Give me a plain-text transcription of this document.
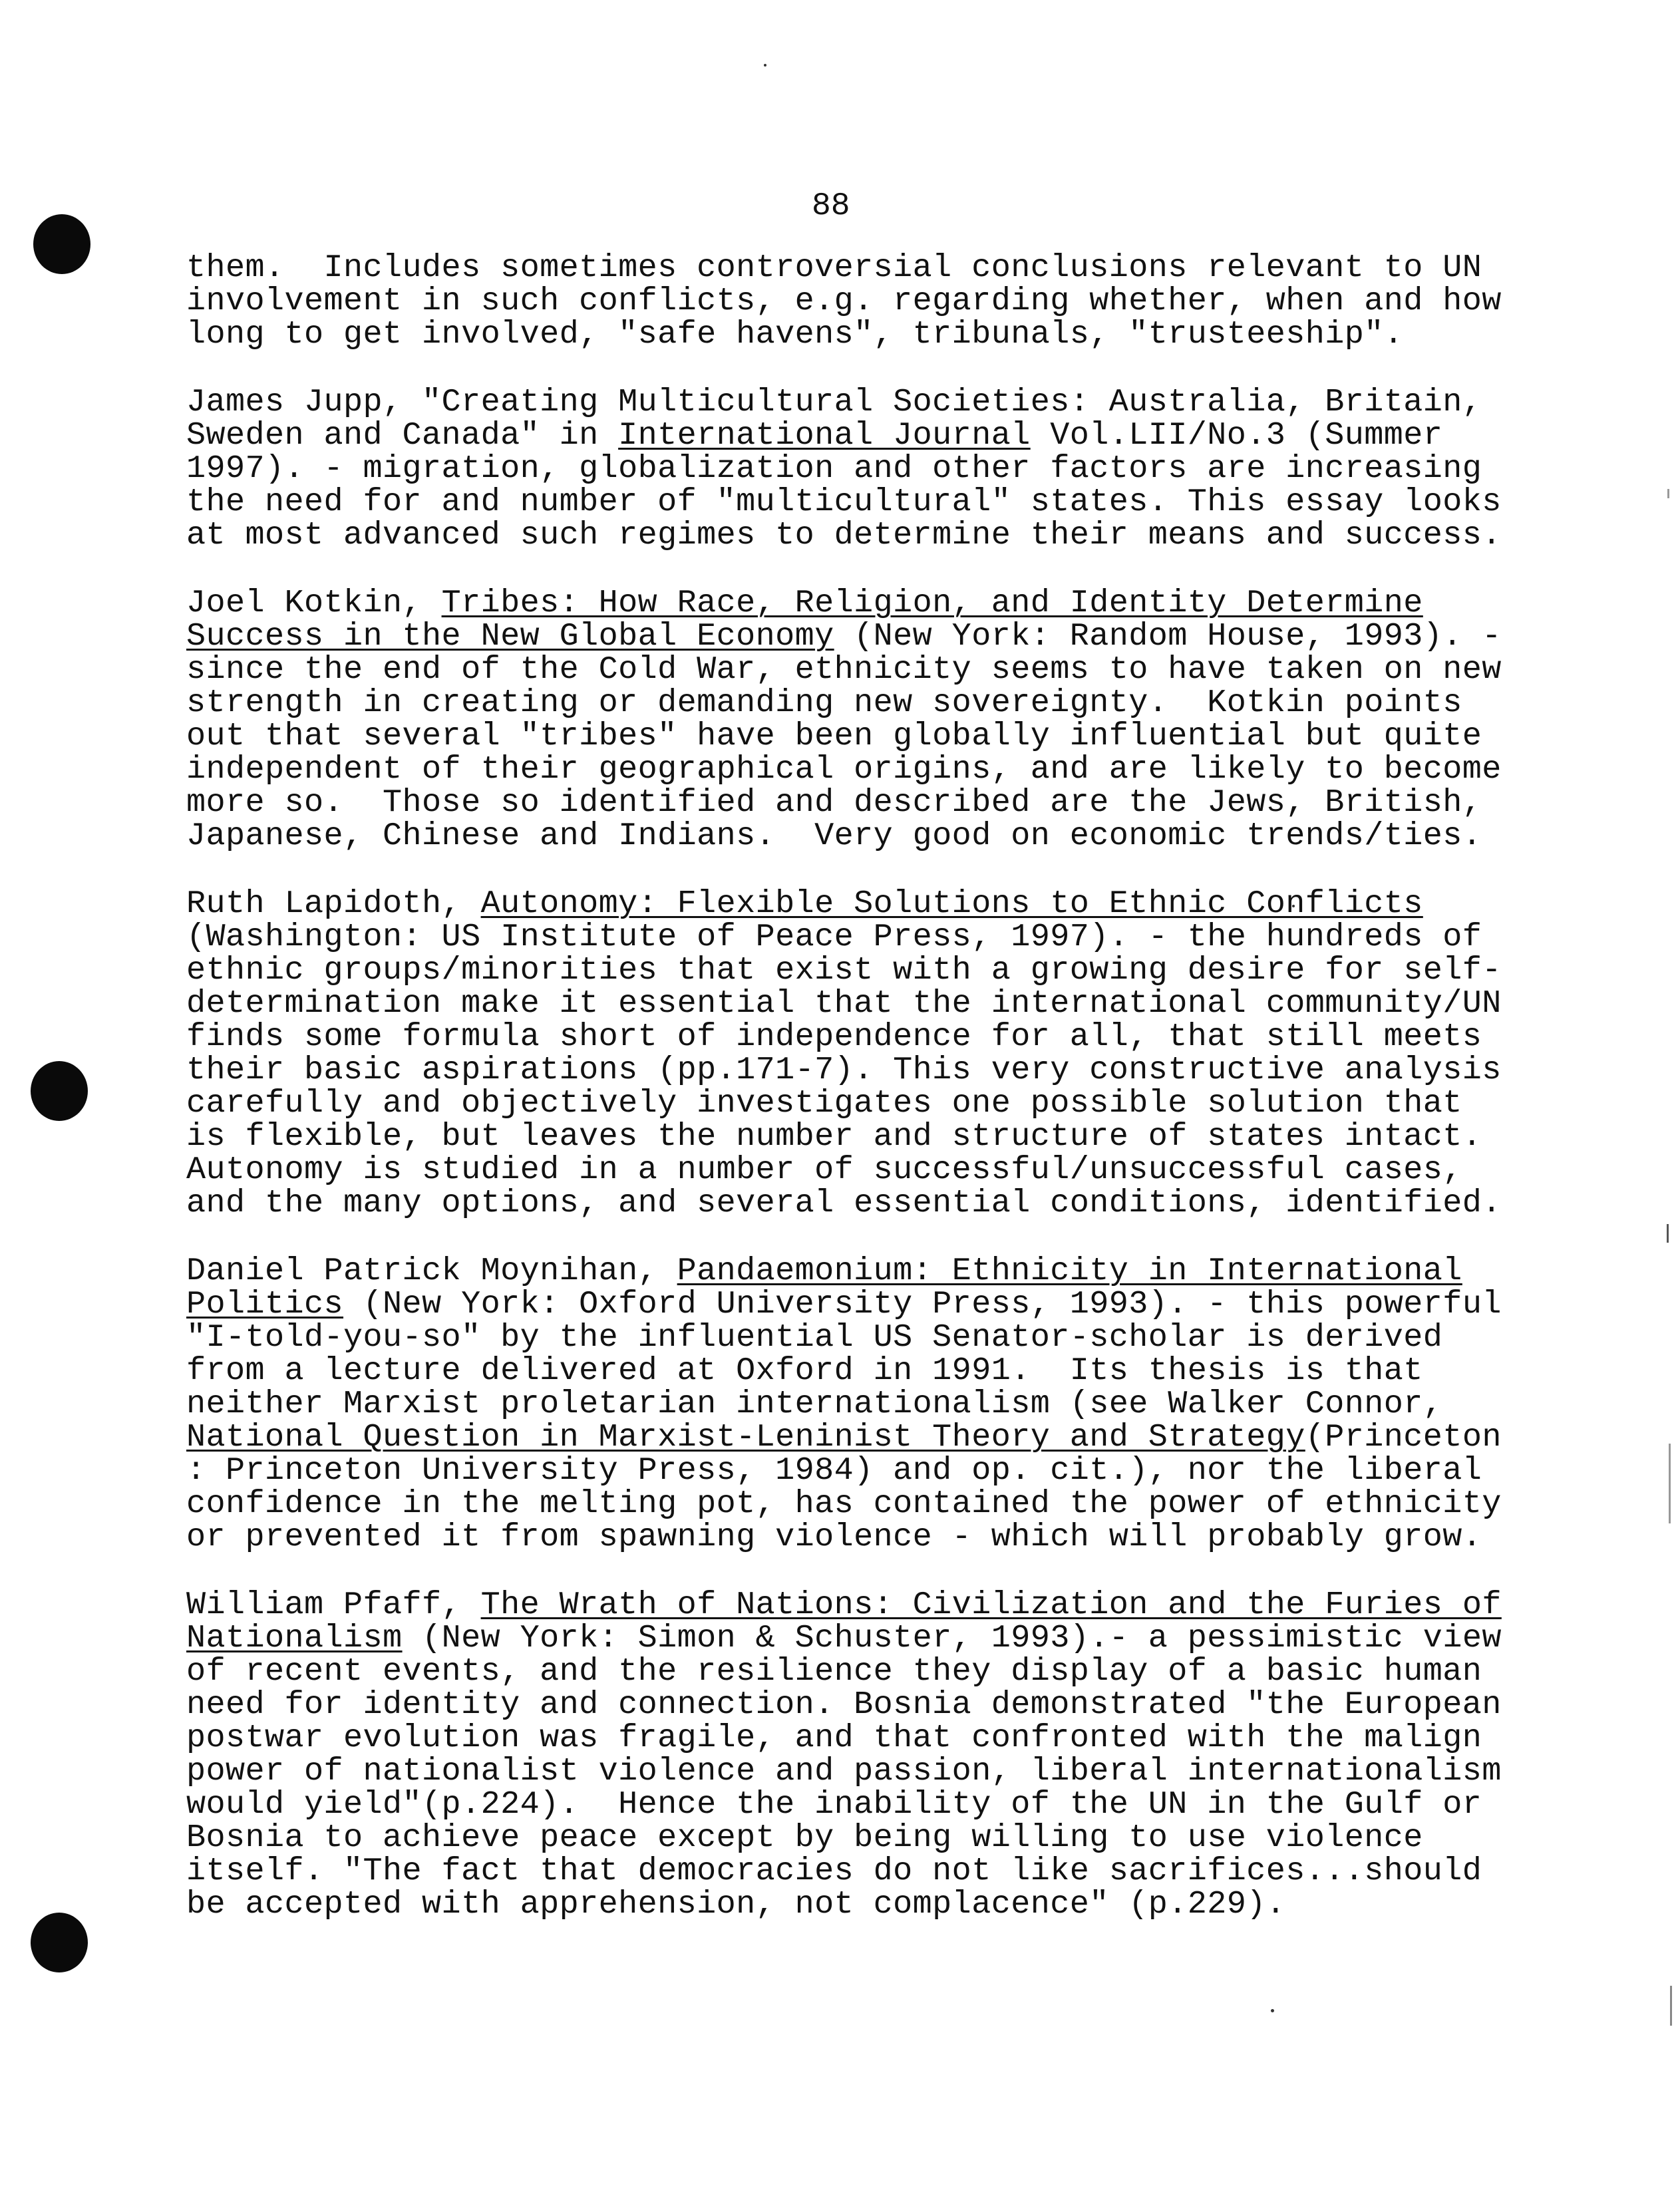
88
them.  Includes sometimes controversial conclusions relevant to UN
involvement in such conflicts, e.g. regarding whether, when and how
long to get involved, "safe havens", tribunals, "trusteeship".
James Jupp, "Creating Multicultural Societies: Australia, Britain,
Sweden and Canada" in International Journal Vol.LII/No.3 (Summer
1997). - migration, globalization and other factors are increasing
the need for and number of "multicultural" states. This essay looks
at most advanced such regimes to determine their means and success.
Joel Kotkin, Tribes: How Race, Religion, and Identity Determine
Success in the New Global Economy (New York: Random House, 1993). -
since the end of the Cold War, ethnicity seems to have taken on new
strength in creating or demanding new sovereignty.  Kotkin points
out that several "tribes" have been globally influential but quite
independent of their geographical origins, and are likely to become
more so.  Those so identified and described are the Jews, British,
Japanese, Chinese and Indians.  Very good on economic trends/ties.
Ruth Lapidoth, Autonomy: Flexible Solutions to Ethnic Conflicts
(Washington: US Institute of Peace Press, 1997). - the hundreds of
ethnic groups/minorities that exist with a growing desire for self-
determination make it essential that the international community/UN
finds some formula short of independence for all, that still meets
their basic aspirations (pp.171-7). This very constructive analysis
carefully and objectively investigates one possible solution that
is flexible, but leaves the number and structure of states intact.
Autonomy is studied in a number of successful/unsuccessful cases,
and the many options, and several essential conditions, identified.
Daniel Patrick Moynihan, Pandaemonium: Ethnicity in International
Politics (New York: Oxford University Press, 1993). - this powerful
"I-told-you-so" by the influential US Senator-scholar is derived
from a lecture delivered at Oxford in 1991.  Its thesis is that
neither Marxist proletarian internationalism (see Walker Connor,
National Question in Marxist-Leninist Theory and Strategy(Princeton
: Princeton University Press, 1984) and op. cit.), nor the liberal
confidence in the melting pot, has contained the power of ethnicity
or prevented it from spawning violence - which will probably grow.
William Pfaff, The Wrath of Nations: Civilization and the Furies of
Nationalism (New York: Simon & Schuster, 1993).- a pessimistic view
of recent events, and the resilience they display of a basic human
need for identity and connection. Bosnia demonstrated "the European
postwar evolution was fragile, and that confronted with the malign
power of nationalist violence and passion, liberal internationalism
would yield"(p.224).  Hence the inability of the UN in the Gulf or
Bosnia to achieve peace except by being willing to use violence
itself. "The fact that democracies do not like sacrifices...should
be accepted with apprehension, not complacence" (p.229).
